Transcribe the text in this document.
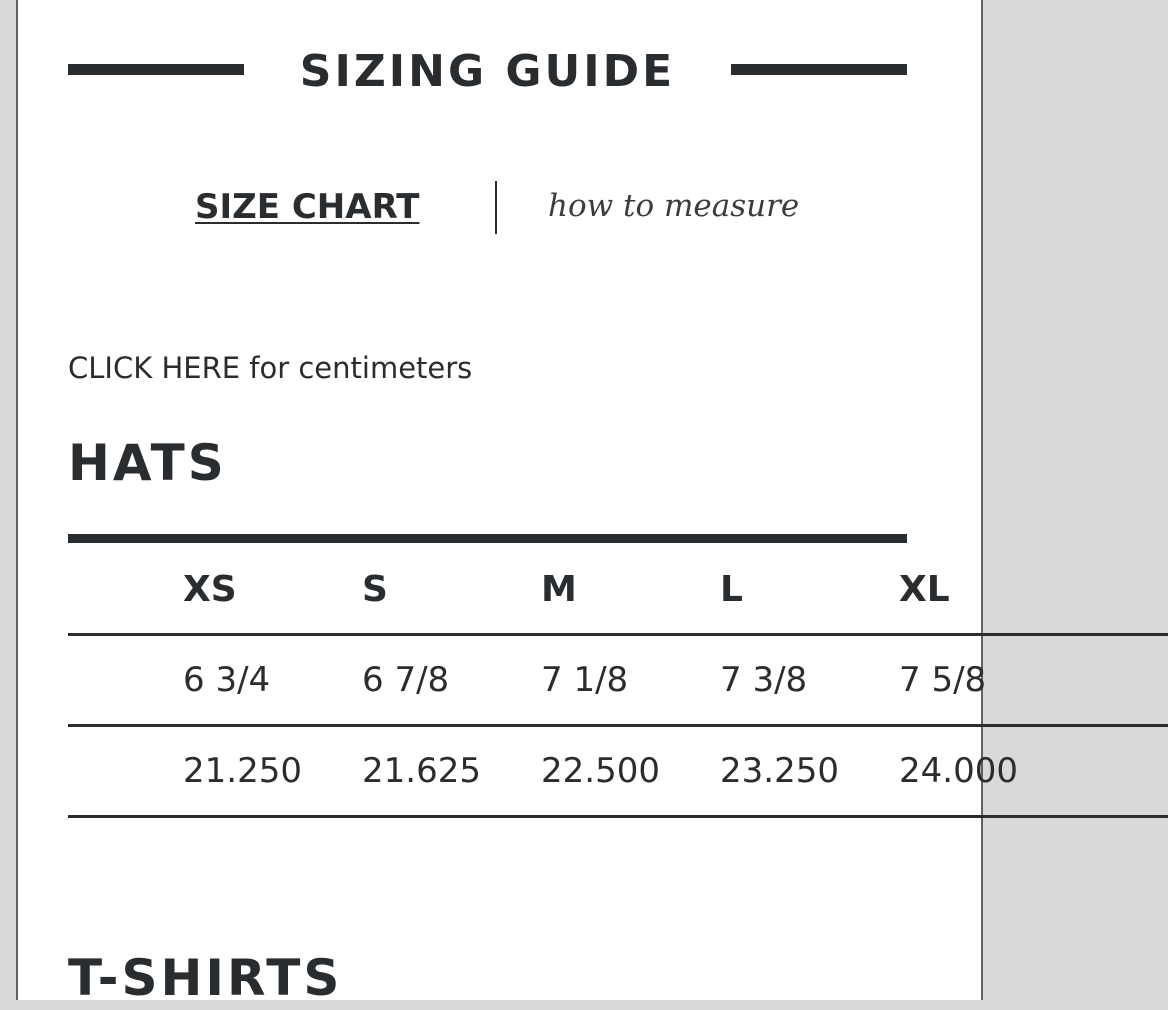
SIZING GUIDE
SIZE CHART	how to measure
CLICK HERE for centimeters
HATS
XS	S	M	L	XL
6 3/4	6 7/8	7 1/8	7 3/8	7 5/8
21.250 21.625 22.500 23.250 24.000
T-SHIRTS
